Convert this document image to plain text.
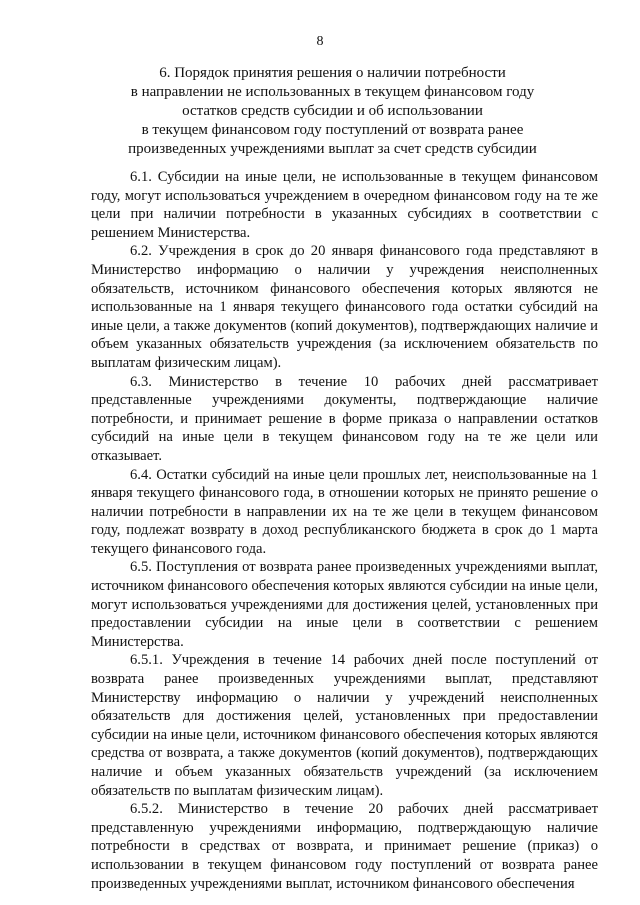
8
6. Порядок принятия решения о наличии потребности
в направлении не использованных в текущем финансовом году
остатков средств субсидии и об использовании
в текущем финансовом году поступлений от возврата ранее
произведенных учреждениями выплат за счет средств субсидии

6.1. Субсидии на иные цели, не использованные в текущем финансовом году, могут использоваться учреждением в очередном финансовом году на те же цели при наличии потребности в указанных субсидиях в соответствии с решением Министерства.

6.2. Учреждения в срок до 20 января финансового года представляют в Министерство информацию о наличии у учреждения неисполненных обязательств, источником финансового обеспечения которых являются не использованные на 1 января текущего финансового года остатки субсидий на иные цели, а также документов (копий документов), подтверждающих наличие и объем указанных обязательств учреждения (за исключением обязательств по выплатам физическим лицам).

6.3. Министерство в течение 10 рабочих дней рассматривает представленные учреждениями документы, подтверждающие наличие потребности, и принимает решение в форме приказа о направлении остатков субсидий на иные цели в текущем финансовом году на те же цели или отказывает.

6.4. Остатки субсидий на иные цели прошлых лет, неиспользованные на 1 января текущего финансового года, в отношении которых не принято решение о наличии потребности в направлении их на те же цели в текущем финансовом году, подлежат возврату в доход республиканского бюджета в срок до 1 марта текущего финансового года.

6.5. Поступления от возврата ранее произведенных учреждениями выплат, источником финансового обеспечения которых являются субсидии на иные цели, могут использоваться учреждениями для достижения целей, установленных при предоставлении субсидии на иные цели в соответствии с решением Министерства.

6.5.1. Учреждения в течение 14 рабочих дней после поступлений от возврата ранее произведенных учреждениями выплат, представляют Министерству информацию о наличии у учреждений неисполненных обязательств для достижения целей, установленных при предоставлении субсидии на иные цели, источником финансового обеспечения которых являются средства от возврата, а также документов (копий документов), подтверждающих наличие и объем указанных обязательств учреждений (за исключением обязательств по выплатам физическим лицам).

6.5.2. Министерство в течение 20 рабочих дней рассматривает представленную учреждениями информацию, подтверждающую наличие потребности в средствах от возврата, и принимает решение (приказ) о использовании в текущем финансовом году поступлений от возврата ранее произведенных учреждениями выплат, источником финансового обеспечения
